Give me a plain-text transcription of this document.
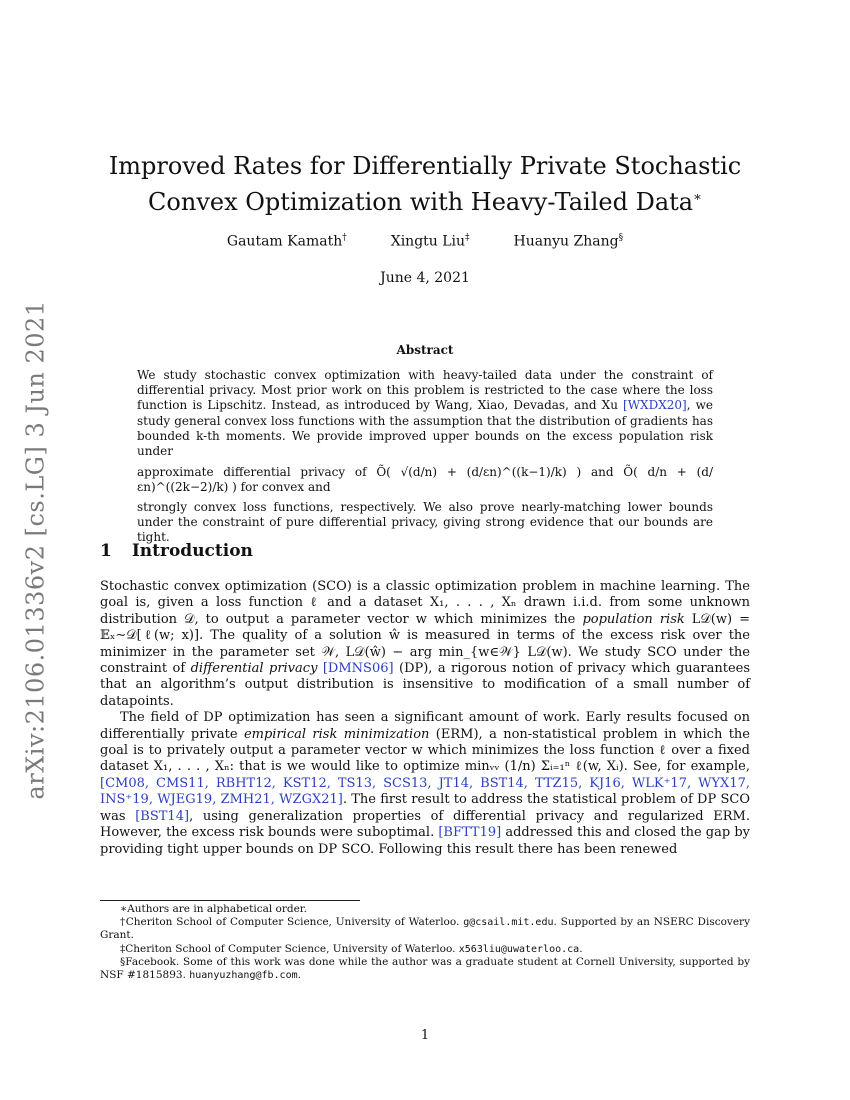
arXiv:2106.01336v2 [cs.LG] 3 Jun 2021
Improved Rates for Differentially Private Stochastic
Convex Optimization with Heavy-Tailed Data∗
Gautam Kamath†	Xingtu Liu‡	Huanyu Zhang§
June 4, 2021
Abstract
We study stochastic convex optimization with heavy-tailed data under the constraint of differential privacy. Most prior work on this problem is restricted to the case where the loss function is Lipschitz. Instead, as introduced by Wang, Xiao, Devadas, and Xu [WXDX20], we study general convex loss functions with the assumption that the distribution of gradients has bounded k-th moments. We provide improved upper bounds on the excess population risk under
approximate differential privacy of Õ( √(d/n) + (d/εn)^((k−1)/k) ) and Õ( d/n + (d/εn)^((2k−2)/k) ) for convex and
strongly convex loss functions, respectively. We also prove nearly-matching lower bounds under the constraint of pure differential privacy, giving strong evidence that our bounds are tight.
1 Introduction

Stochastic convex optimization (SCO) is a classic optimization problem in machine learning. The goal is, given a loss function ℓ and a dataset X₁, . . . , Xₙ drawn i.i.d. from some unknown distribution 𝒟, to output a parameter vector w which minimizes the population risk L𝒟(w) = 𝔼ₓ∼𝒟[ℓ(w; x)]. The quality of a solution ŵ is measured in terms of the excess risk over the minimizer in the parameter set 𝒲, L𝒟(ŵ) − arg min_{w∈𝒲} L𝒟(w). We study SCO under the constraint of differential privacy [DMNS06] (DP), a rigorous notion of privacy which guarantees that an algorithm’s output distribution is insensitive to modification of a small number of datapoints.

The field of DP optimization has seen a significant amount of work. Early results focused on differentially private empirical risk minimization (ERM), a non-statistical problem in which the goal is to privately output a parameter vector w which minimizes the loss function ℓ over a fixed dataset X₁, . . . , Xₙ: that is we would like to optimize minᵥᵥ (1/n) Σᵢ₌₁ⁿ ℓ(w, Xᵢ). See, for example, [CM08, CMS11, RBHT12, KST12, TS13, SCS13, JT14, BST14, TTZ15, KJ16, WLK⁺17, WYX17, INS⁺19, WJEG19, ZMH21, WZGX21]. The first result to address the statistical problem of DP SCO was [BST14], using generalization properties of differential privacy and regularized ERM. However, the excess risk bounds were suboptimal. [BFTT19] addressed this and closed the gap by providing tight upper bounds on DP SCO. Following this result there has been renewed

∗Authors are in alphabetical order.

†Cheriton School of Computer Science, University of Waterloo. g@csail.mit.edu. Supported by an NSERC Discovery Grant.

‡Cheriton School of Computer Science, University of Waterloo. x563liu@uwaterloo.ca.

§Facebook. Some of this work was done while the author was a graduate student at Cornell University, supported by NSF #1815893. huanyuzhang@fb.com.

1
